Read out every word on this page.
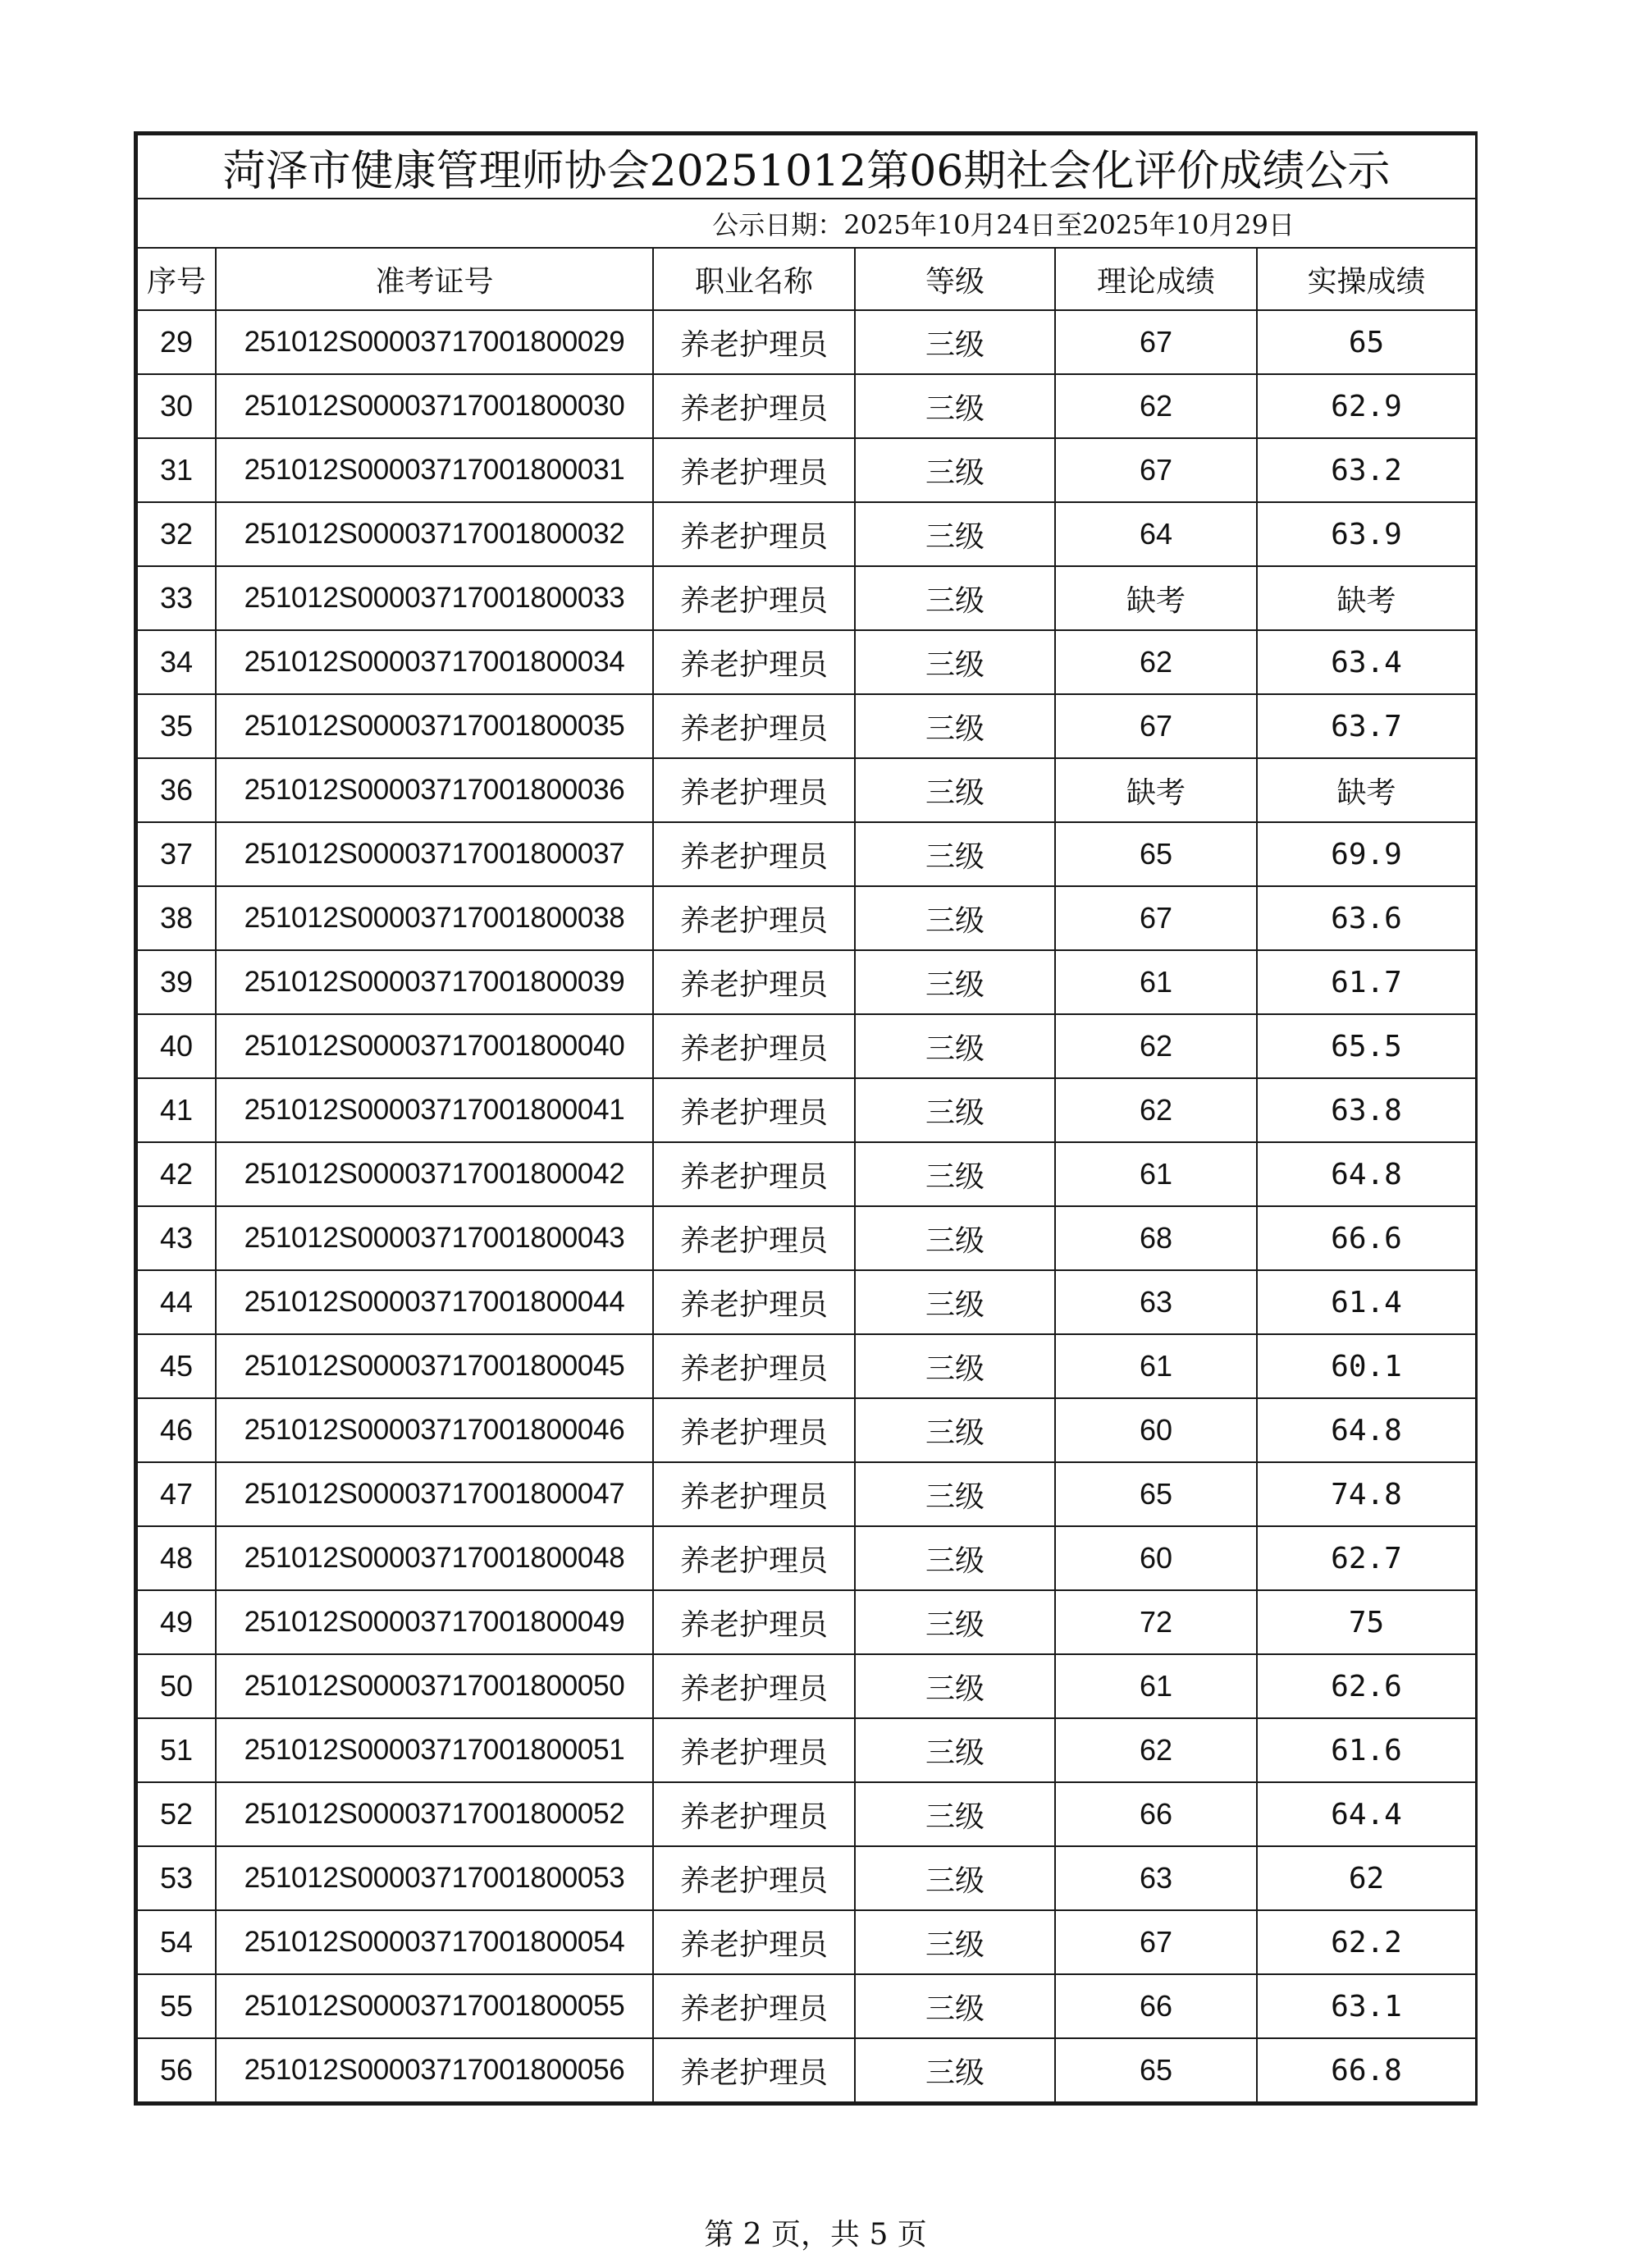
菏泽市健康管理师协会20251012第06期社会化评价成绩公示					
公示日期：2025年10月24日至2025年10月29日					
序号	准考证号	职业名称	等级	理论成绩	实操成绩
29	251012S00003717001800029	养老护理员	三级	67	65
30	251012S00003717001800030	养老护理员	三级	62	62.9
31	251012S00003717001800031	养老护理员	三级	67	63.2
32	251012S00003717001800032	养老护理员	三级	64	63.9
33	251012S00003717001800033	养老护理员	三级	缺考	缺考
34	251012S00003717001800034	养老护理员	三级	62	63.4
35	251012S00003717001800035	养老护理员	三级	67	63.7
36	251012S00003717001800036	养老护理员	三级	缺考	缺考
37	251012S00003717001800037	养老护理员	三级	65	69.9
38	251012S00003717001800038	养老护理员	三级	67	63.6
39	251012S00003717001800039	养老护理员	三级	61	61.7
40	251012S00003717001800040	养老护理员	三级	62	65.5
41	251012S00003717001800041	养老护理员	三级	62	63.8
42	251012S00003717001800042	养老护理员	三级	61	64.8
43	251012S00003717001800043	养老护理员	三级	68	66.6
44	251012S00003717001800044	养老护理员	三级	63	61.4
45	251012S00003717001800045	养老护理员	三级	61	60.1
46	251012S00003717001800046	养老护理员	三级	60	64.8
47	251012S00003717001800047	养老护理员	三级	65	74.8
48	251012S00003717001800048	养老护理员	三级	60	62.7
49	251012S00003717001800049	养老护理员	三级	72	75
50	251012S00003717001800050	养老护理员	三级	61	62.6
51	251012S00003717001800051	养老护理员	三级	62	61.6
52	251012S00003717001800052	养老护理员	三级	66	64.4
53	251012S00003717001800053	养老护理员	三级	63	62
54	251012S00003717001800054	养老护理员	三级	67	62.2
55	251012S00003717001800055	养老护理员	三级	66	63.1
56	251012S00003717001800056	养老护理员	三级	65	66.8
第 2 页，共 5 页
